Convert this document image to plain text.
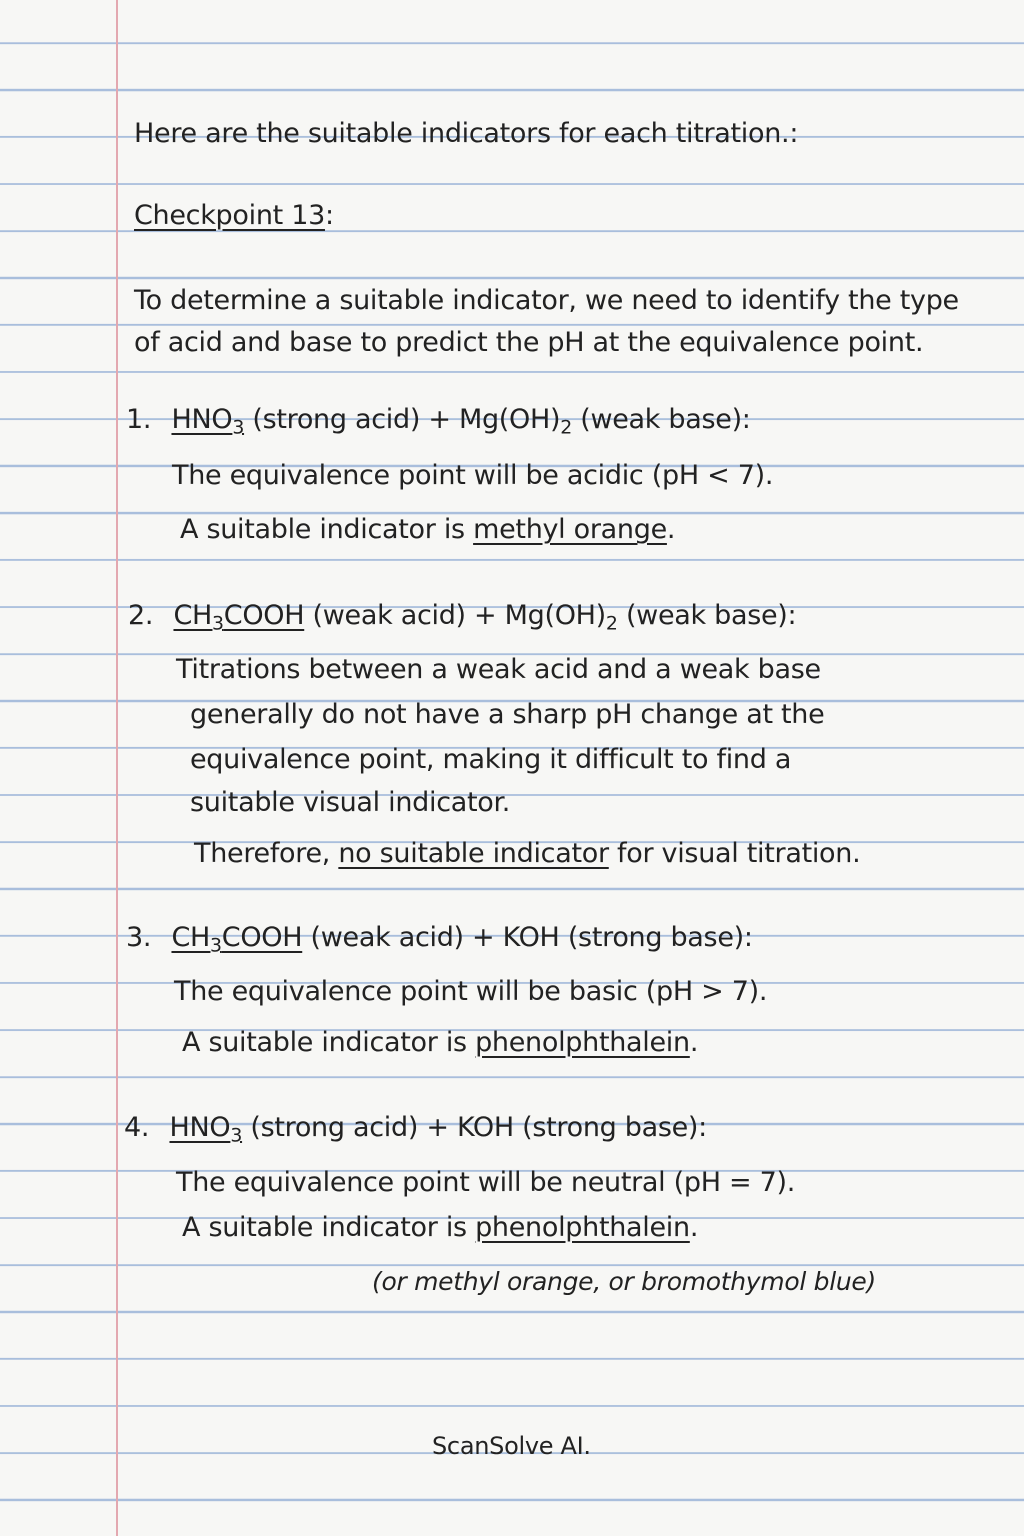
Here are the suitable indicators for each titration.:
Checkpoint 13:
To determine a suitable indicator, we need to identify the type
of acid and base to predict the pH at the equivalence point.
1. $HNO_3$ (strong acid) + $Mg(OH)_2$ (weak base):
The equivalence point will be acidic (pH < 7).
A suitable indicator is methyl orange.
2. $CH_3COOH$ (weak acid) + $Mg(OH)_2$ (weak base):
Titrations between a weak acid and a weak base
generally do not have a sharp pH change at the
equivalence point, making it difficult to find a
suitable visual indicator.
Therefore, no suitable indicator for visual titration.
3. $CH_3COOH$ (weak acid) + KOH (strong base):
The equivalence point will be basic (pH > 7).
A suitable indicator is phenolphthalein.
4. $HNO_3$ (strong acid) + KOH (strong base):
The equivalence point will be neutral (pH = 7).
A suitable indicator is phenolphthalein.
(or methyl orange, or bromothymol blue)
ScanSolve AI.
